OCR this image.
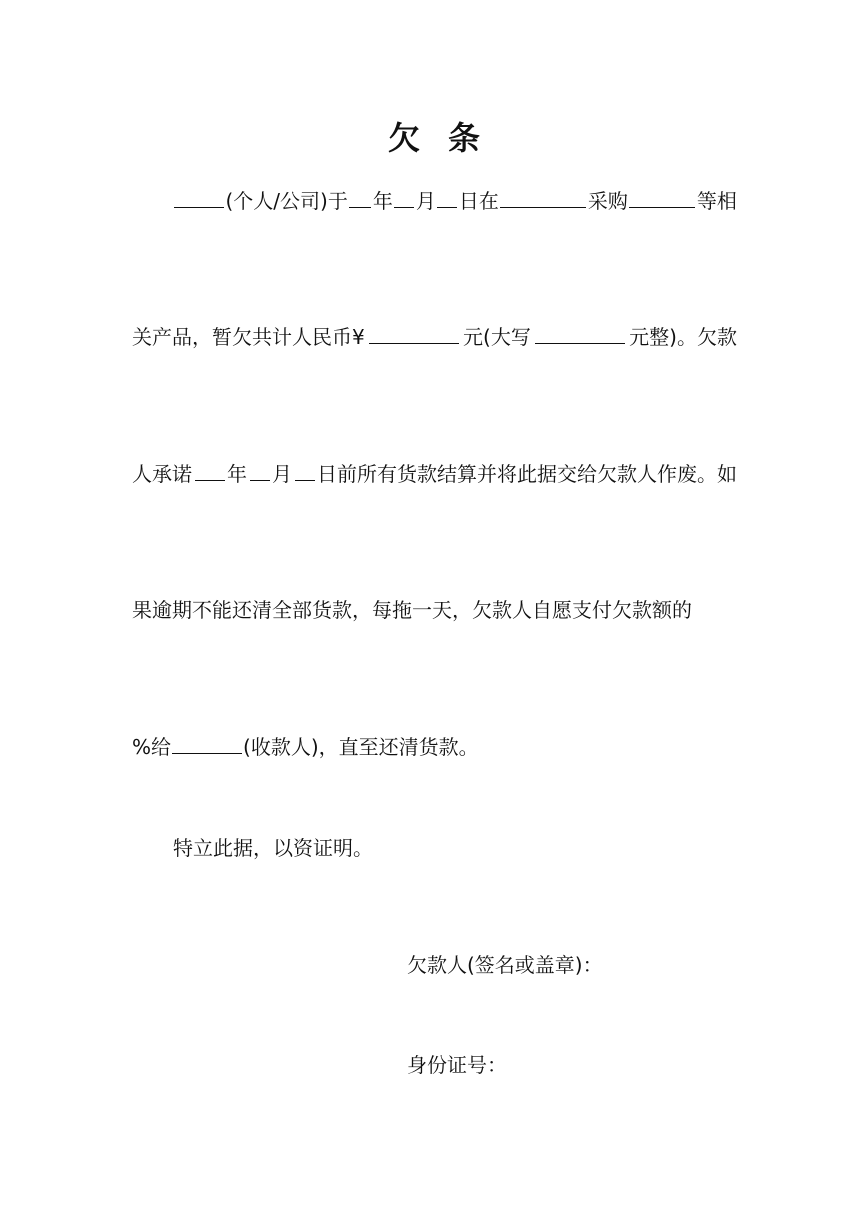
欠 条
(个人/公司)于 年 月 日在	采购	等相
关产品，暂欠共计人民币¥	元(大写	元整)。欠款
人承诺 年 月 日前所有货款结算并将此据交给欠款人作废。如
果逾期不能还清全部货款，每拖一天，欠款人自愿支付欠款额的
%给	(收款人)，直至还清货款。
特立此据，以资证明。
欠款人(签名或盖章)：
身份证号：
